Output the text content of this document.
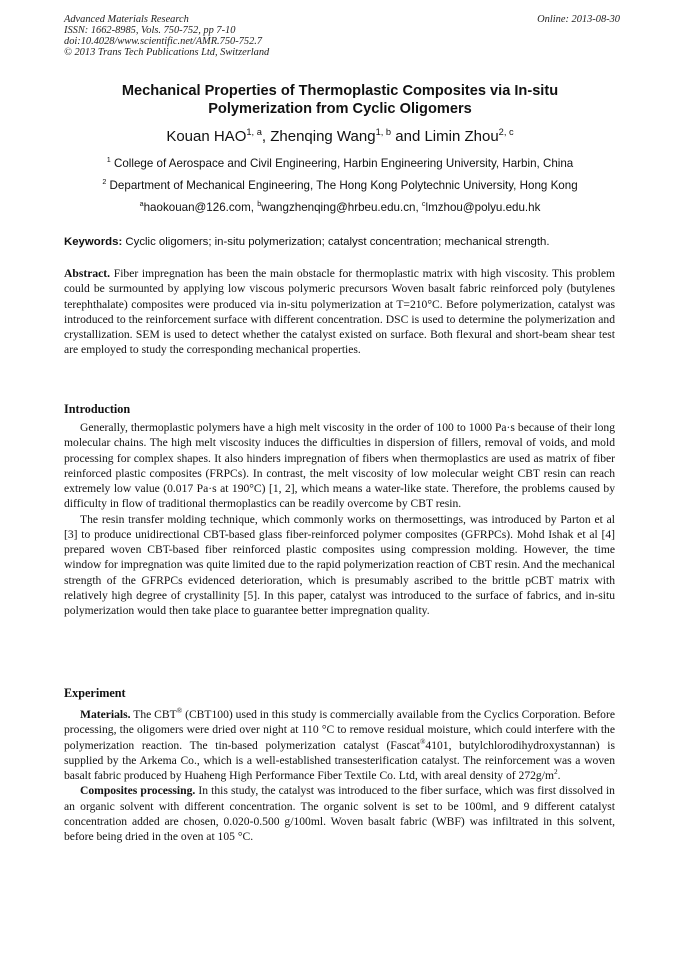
Advanced Materials Research
ISSN: 1662-8985, Vols. 750-752, pp 7-10
doi:10.4028/www.scientific.net/AMR.750-752.7
© 2013 Trans Tech Publications Ltd, Switzerland
Online: 2013-08-30
Mechanical Properties of Thermoplastic Composites via In-situ
Polymerization from Cyclic Oligomers
Kouan HAO$^{1, a}$, Zhenqing Wang$^{1, b}$ and Limin Zhou$^{2, c}$
$^1$ College of Aerospace and Civil Engineering, Harbin Engineering University, Harbin, China
$^2$ Department of Mechanical Engineering, The Hong Kong Polytechnic University, Hong Kong
$^a$haokouan@126.com, $^b$wangzhenqing@hrbeu.edu.cn, $^c$lmzhou@polyu.edu.hk
Keywords: Cyclic oligomers; in-situ polymerization; catalyst concentration; mechanical strength.
Abstract. Fiber impregnation has been the main obstacle for thermoplastic matrix with high viscosity. This problem could be surmounted by applying low viscous polymeric precursors Woven basalt fabric reinforced poly (butylenes terephthalate) composites were produced via in-situ polymerization at T=210°C. Before polymerization, catalyst was introduced to the reinforcement surface with different concentration. DSC is used to determine the polymerization and crystallization. SEM is used to detect whether the catalyst existed on surface. Both flexural and short-beam shear test are employed to study the corresponding mechanical properties.
Introduction

Generally, thermoplastic polymers have a high melt viscosity in the order of 100 to 1000 Pa·s because of their long molecular chains. The high melt viscosity induces the difficulties in dispersion of fillers, removal of voids, and mold processing for complex shapes. It also hinders impregnation of fibers when thermoplastics are used as matrix of fiber reinforced plastic composites (FRPCs). In contrast, the melt viscosity of low molecular weight CBT resin can reach extremely low value (0.017 Pa·s at 190°C) [1, 2], which means a water-like state. Therefore, the problems caused by difficulty in flow of traditional thermoplastics can be readily overcome by CBT resin.

The resin transfer molding technique, which commonly works on thermosettings, was introduced by Parton et al [3] to produce unidirectional CBT-based glass fiber-reinforced polymer composites (GFRPCs). Mohd Ishak et al [4] prepared woven CBT-based fiber reinforced plastic composites using compression molding. However, the time window for impregnation was quite limited due to the rapid polymerization reaction of CBT resin. And the mechanical strength of the GFRPCs evidenced deterioration, which is presumably ascribed to the brittle pCBT matrix with relatively high degree of crystallinity [5]. In this paper, catalyst was introduced to the surface of fabrics, and in-situ polymerization would then take place to guarantee better impregnation quality.

Experiment

Materials. The CBT® (CBT100) used in this study is commercially available from the Cyclics Corporation. Before processing, the oligomers were dried over night at 110 °C to remove residual moisture, which could interfere with the polymerization reaction. The tin-based polymerization catalyst (Fascat®4101, butylchlorodihydroxystannan) is supplied by the Arkema Co., which is a well-established transesterification catalyst. The reinforcement was a woven basalt fabric produced by Huaheng High Performance Fiber Textile Co. Ltd, with areal density of $272g/m^2$.

Composites processing. In this study, the catalyst was introduced to the fiber surface, which was first dissolved in an organic solvent with different concentration. The organic solvent is set to be 100ml, and 9 different catalyst concentration added are chosen, 0.020-0.500 g/100ml. Woven basalt fabric (WBF) was infiltrated in this solvent, before being dried in the oven at 105 °C.
